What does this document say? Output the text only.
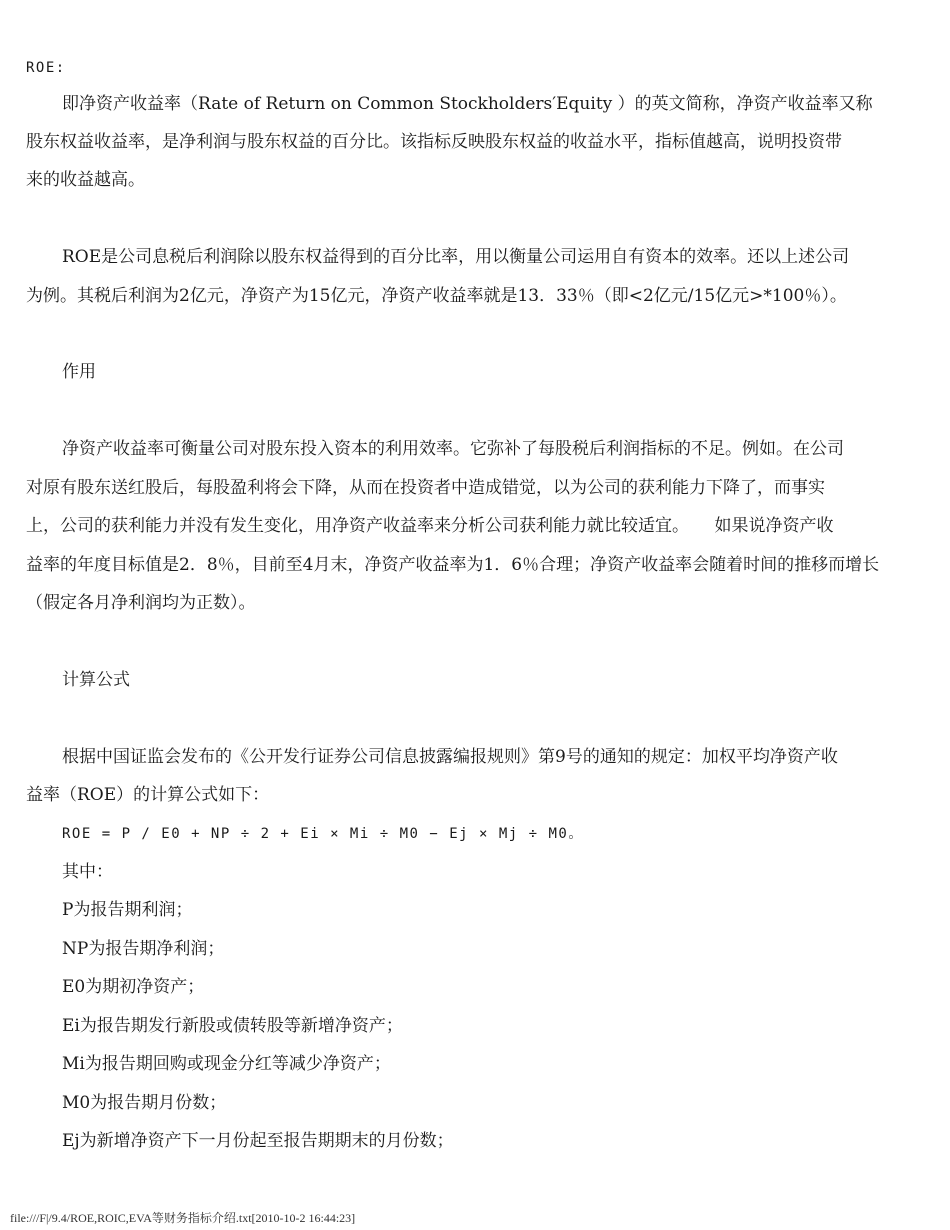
ROE:
即净资产收益率（Rate of Return on Common Stockholders′Equity ）的英文简称，净资产收益率又称
股东权益收益率，是净利润与股东权益的百分比。该指标反映股东权益的收益水平，指标值越高，说明投资带
来的收益越高。
ROE是公司息税后利润除以股东权益得到的百分比率，用以衡量公司运用自有资本的效率。还以上述公司
为例。其税后利润为2亿元，净资产为15亿元，净资产收益率就是13．33％（即<2亿元/15亿元>*100％）。
作用
净资产收益率可衡量公司对股东投入资本的利用效率。它弥补了每股税后利润指标的不足。例如。在公司
对原有股东送红股后，每股盈利将会下降，从而在投资者中造成错觉，以为公司的获利能力下降了，而事实
上，公司的获利能力并没有发生变化，用净资产收益率来分析公司获利能力就比较适宜。　　如果说净资产收
益率的年度目标值是2．8％，目前至4月末，净资产收益率为1．6％合理；净资产收益率会随着时间的推移而增长
（假定各月净利润均为正数）。
计算公式
根据中国证监会发布的《公开发行证券公司信息披露编报规则》第9号的通知的规定：加权平均净资产收
益率（ROE）的计算公式如下：
ROE = P / E0 + NP ÷ 2 + Ei × Mi ÷ M0 − Ej × Mj ÷ M0。
其中：
P为报告期利润；
NP为报告期净利润；
E0为期初净资产；
Ei为报告期发行新股或债转股等新增净资产；
Mi为报告期回购或现金分红等减少净资产；
M0为报告期月份数；
Ej为新增净资产下一月份起至报告期期末的月份数；
file:///F|/9.4/ROE,ROIC,EVA等财务指标介绍.txt[2010-10-2 16:44:23]
